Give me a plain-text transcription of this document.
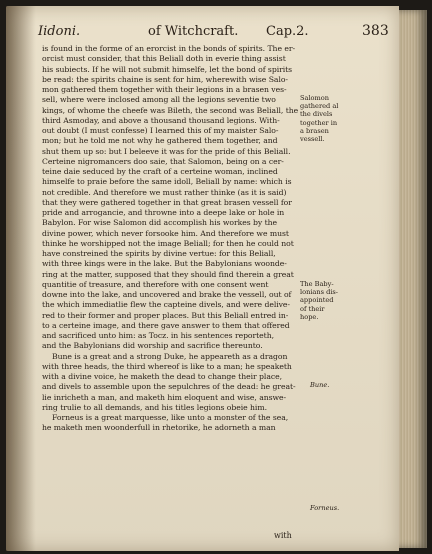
Iidoni.	of Witchcraft. Cap.2.	383
is found in the forme of an erorcist in the bonds of spirits. The er-
orcist must consider, that this Beliall doth in everie thing assist
his subiects. If he will not submit himselfe, let the bond of spirits
be read: the spirits chaine is sent for him, wherewith wise Salo-
mon gathered them together with their legions in a brasen ves-
sell, where were inclosed among all the legions seventie two
kings, of whome the cheefe was Bileth, the second was Beliall, the
third Asmoday, and above a thousand thousand legions. With-
out doubt (I must confesse) I learned this of my maister Salo-
mon; but he told me not why he gathered them together, and
shut them up so: but I beleeve it was for the pride of this Beliall.
Certeine nigromancers doo saie, that Salomon, being on a cer-
teine daie seduced by the craft of a certeine woman, inclined
himselfe to praie before the same idoll, Beliall by name: which is
not credible. And therefore we must rather thinke (as it is said)
that they were gathered together in that great brasen vessell for
pride and arrogancie, and throwne into a deepe lake or hole in
Babylon. For wise Salomon did accomplish his workes by the
divine power, which never forsooke him. And therefore we must
thinke he worshipped not the image Beliall; for then he could not
have constreined the spirits by divine vertue: for this Beliall,
with three kings were in the lake. But the Babylonians woonde-
ring at the matter, supposed that they should find therein a great
quantitie of treasure, and therefore with one consent went
downe into the lake, and uncovered and brake the vessell, out of
the which immediatlie flew the capteine divels, and were delive-
red to their former and proper places. But this Beliall entred in-
to a certeine image, and there gave answer to them that offered
and sacrificed unto him: as Tocz. in his sentences reporteth,
and the Babylonians did worship and sacrifice thereunto.
Bune is a great and a strong Duke, he appeareth as a dragon
with three heads, the third whereof is like to a man; he speaketh
with a divine voice, he maketh the dead to change their place,
and divels to assemble upon the sepulchres of the dead: he great-
lie inricheth a man, and maketh him eloquent and wise, answe-
ring trulie to all demands, and his titles legions obeie him.
Forneus is a great marquesse, like unto a monster of the sea,
he maketh men woonderfull in rhetorike, he adorneth a man
Salomon
gathered al
the divels
together in
a brasen
vessell.
The Baby-
lonians dis-
appointed
of their
hope.
Bune.
Forneus.
with
